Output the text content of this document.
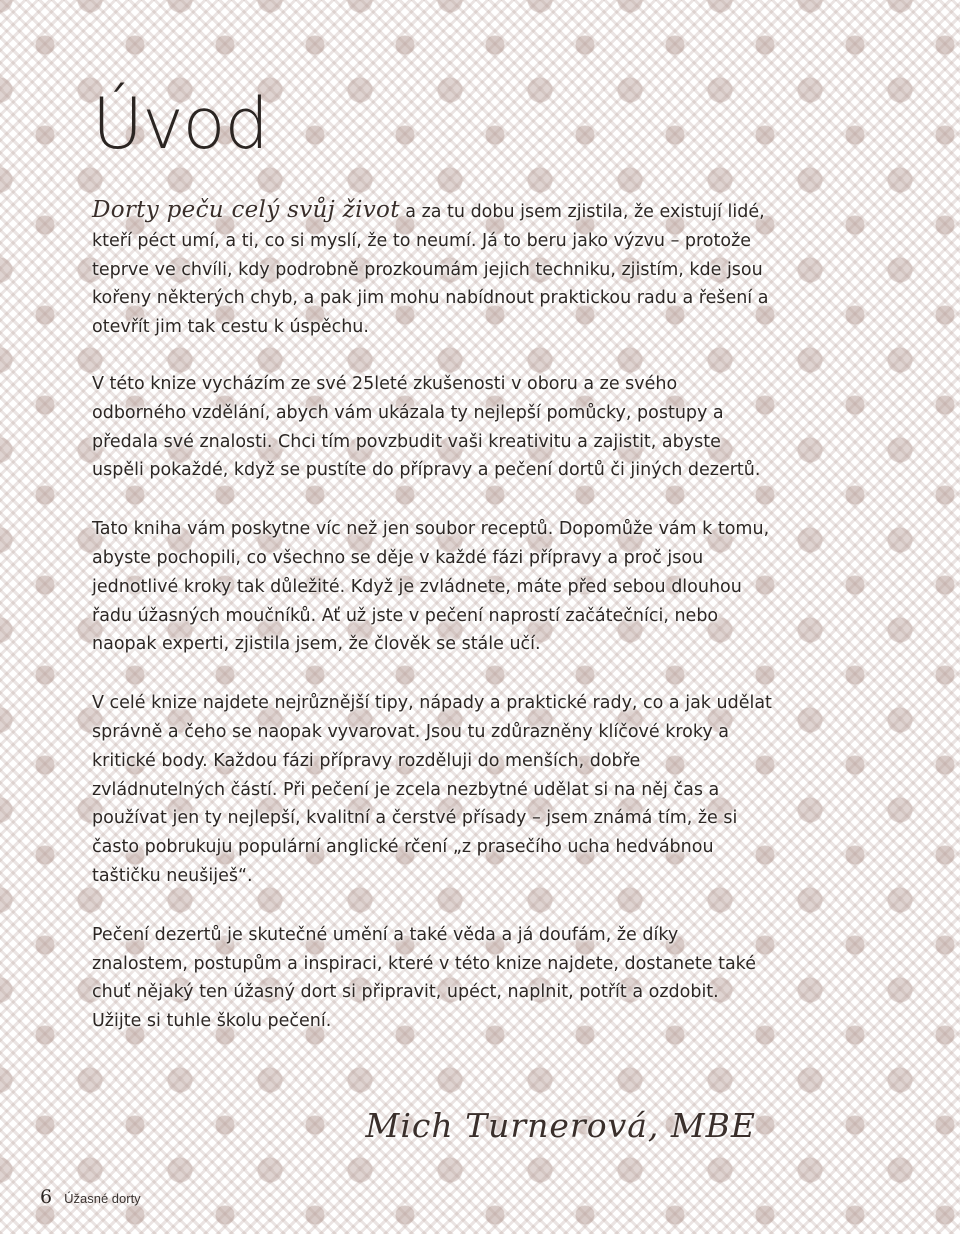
Úvod

Dorty peču celý svůj život a za tu dobu jsem zjistila, že existují lidé, kteří péct umí, a ti, co si myslí, že to neumí. Já to beru jako výzvu – protože teprve ve chvíli, kdy podrobně prozkoumám jejich techniku, zjistím, kde jsou kořeny některých chyb, a pak jim mohu nabídnout praktickou radu a řešení a otevřít jim tak cestu k úspěchu.

V této knize vycházím ze své 25leté zkušenosti v oboru a ze svého odborného vzdělání, abych vám ukázala ty nejlepší pomůcky, postupy a předala své znalosti. Chci tím povzbudit vaši kreativitu a zajistit, abyste uspěli pokaždé, když se pustíte do přípravy a pečení dortů či jiných dezertů.

Tato kniha vám poskytne víc než jen soubor receptů. Dopomůže vám k tomu, abyste pochopili, co všechno se děje v každé fázi přípravy a proč jsou jednotlivé kroky tak důležité. Když je zvládnete, máte před sebou dlouhou řadu úžasných moučníků. Ať už jste v pečení naprostí začátečníci, nebo naopak experti, zjistila jsem, že člověk se stále učí.

V celé knize najdete nejrůznější tipy, nápady a praktické rady, co a jak udělat správně a čeho se naopak vyvarovat. Jsou tu zdůrazněny klíčové kroky a kritické body. Každou fázi přípravy rozděluji do menších, dobře zvládnutelných částí. Při pečení je zcela nezbytné udělat si na něj čas a používat jen ty nejlepší, kvalitní a čerstvé přísady – jsem známá tím, že si často pobrukuju populární anglické rčení „z prasečího ucha hedvábnou taštičku neušiješ“.

Pečení dezertů je skutečné umění a také věda a já doufám, že díky znalostem, postupům a inspiraci, které v této knize najdete, dostanete také chuť nějaký ten úžasný dort si připravit, upéct, naplnit, potřít a ozdobit. Užijte si tuhle školu pečení.

Mich Turnerová, MBE

6 Úžasné dorty
